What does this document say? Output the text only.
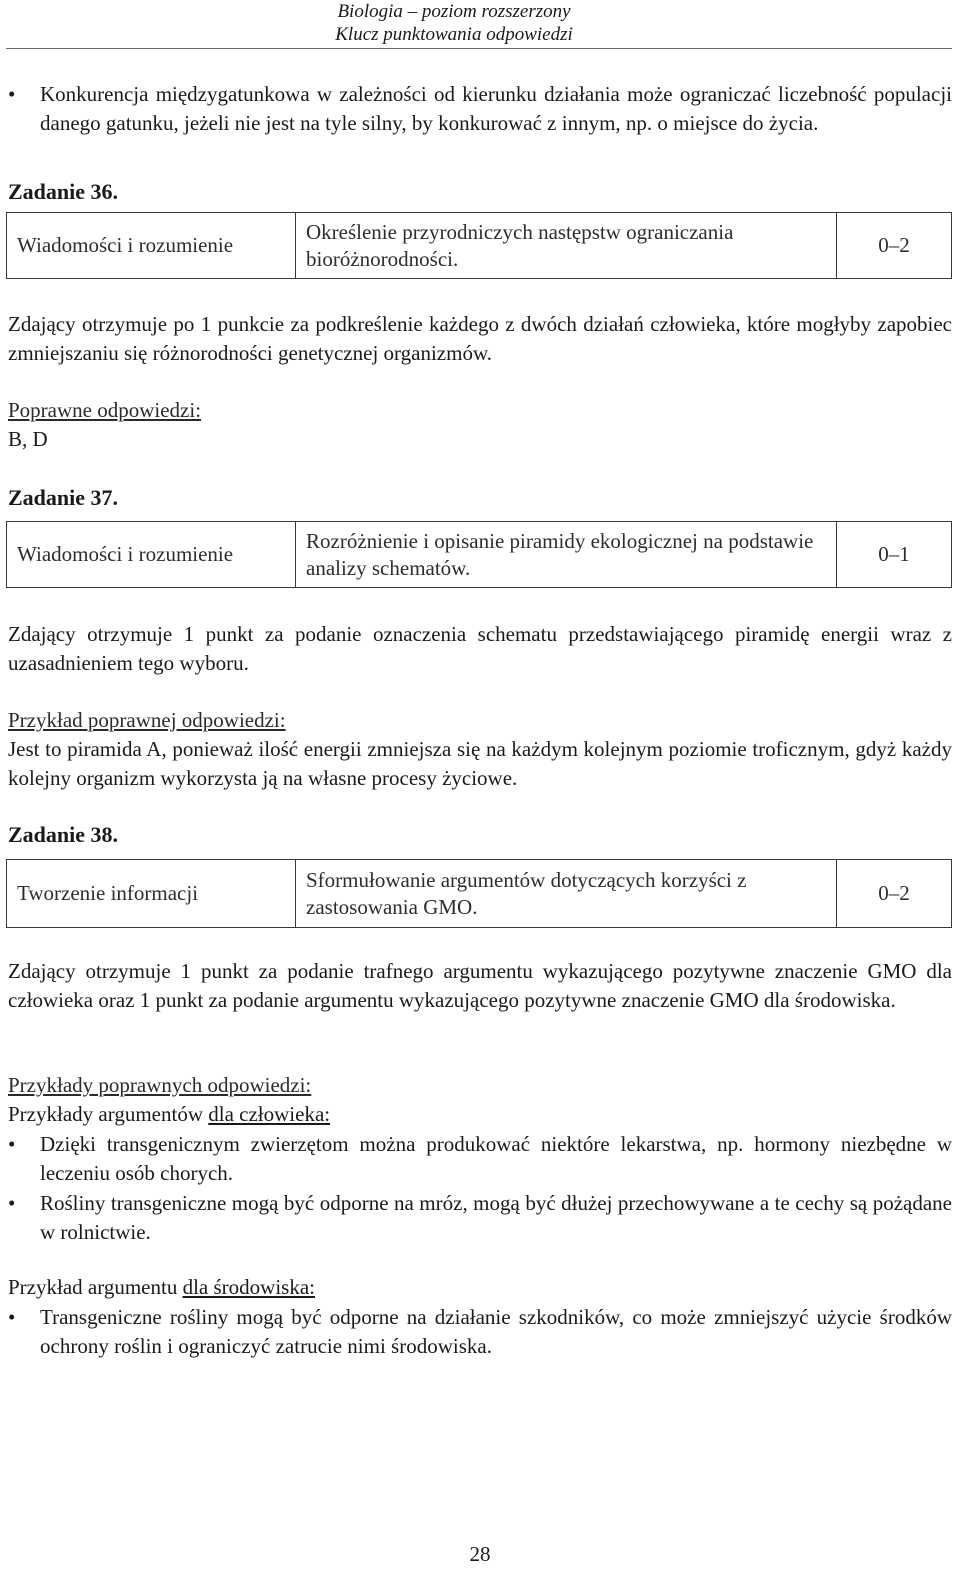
Biologia – poziom rozszerzony
Klucz punktowania odpowiedzi
• Konkurencja międzygatunkowa w zależności od kierunku działania może ograniczać liczebność populacji danego gatunku, jeżeli nie jest na tyle silny, by konkurować z innym, np. o miejsce do życia.
Zadanie 36.
Wiadomości i rozumienie	Określenie przyrodniczych następstw ograniczania bioróżnorodności.	0–2
Zdający otrzymuje po 1 punkcie za podkreślenie każdego z dwóch działań człowieka, które mogłyby zapobiec zmniejszaniu się różnorodności genetycznej organizmów.
Poprawne odpowiedzi:
B, D
Zadanie 37.
Wiadomości i rozumienie	Rozróżnienie i opisanie piramidy ekologicznej na podstawie analizy schematów.	0–1
Zdający otrzymuje 1 punkt za podanie oznaczenia schematu przedstawiającego piramidę energii wraz z uzasadnieniem tego wyboru.
Przykład poprawnej odpowiedzi:
Jest to piramida A, ponieważ ilość energii zmniejsza się na każdym kolejnym poziomie troficznym, gdyż każdy kolejny organizm wykorzysta ją na własne procesy życiowe.
Zadanie 38.
Tworzenie informacji	Sformułowanie argumentów dotyczących korzyści z zastosowania GMO.	0–2
Zdający otrzymuje 1 punkt za podanie trafnego argumentu wykazującego pozytywne znaczenie GMO dla człowieka oraz 1 punkt za podanie argumentu wykazującego pozytywne znaczenie GMO dla środowiska.
Przykłady poprawnych odpowiedzi:
Przykłady argumentów dla człowieka:
• Dzięki transgenicznym zwierzętom można produkować niektóre lekarstwa, np. hormony niezbędne w leczeniu osób chorych.
• Rośliny transgeniczne mogą być odporne na mróz, mogą być dłużej przechowywane a te cechy są pożądane w rolnictwie.
Przykład argumentu dla środowiska:
• Transgeniczne rośliny mogą być odporne na działanie szkodników, co może zmniejszyć użycie środków ochrony roślin i ograniczyć zatrucie nimi środowiska.
28
